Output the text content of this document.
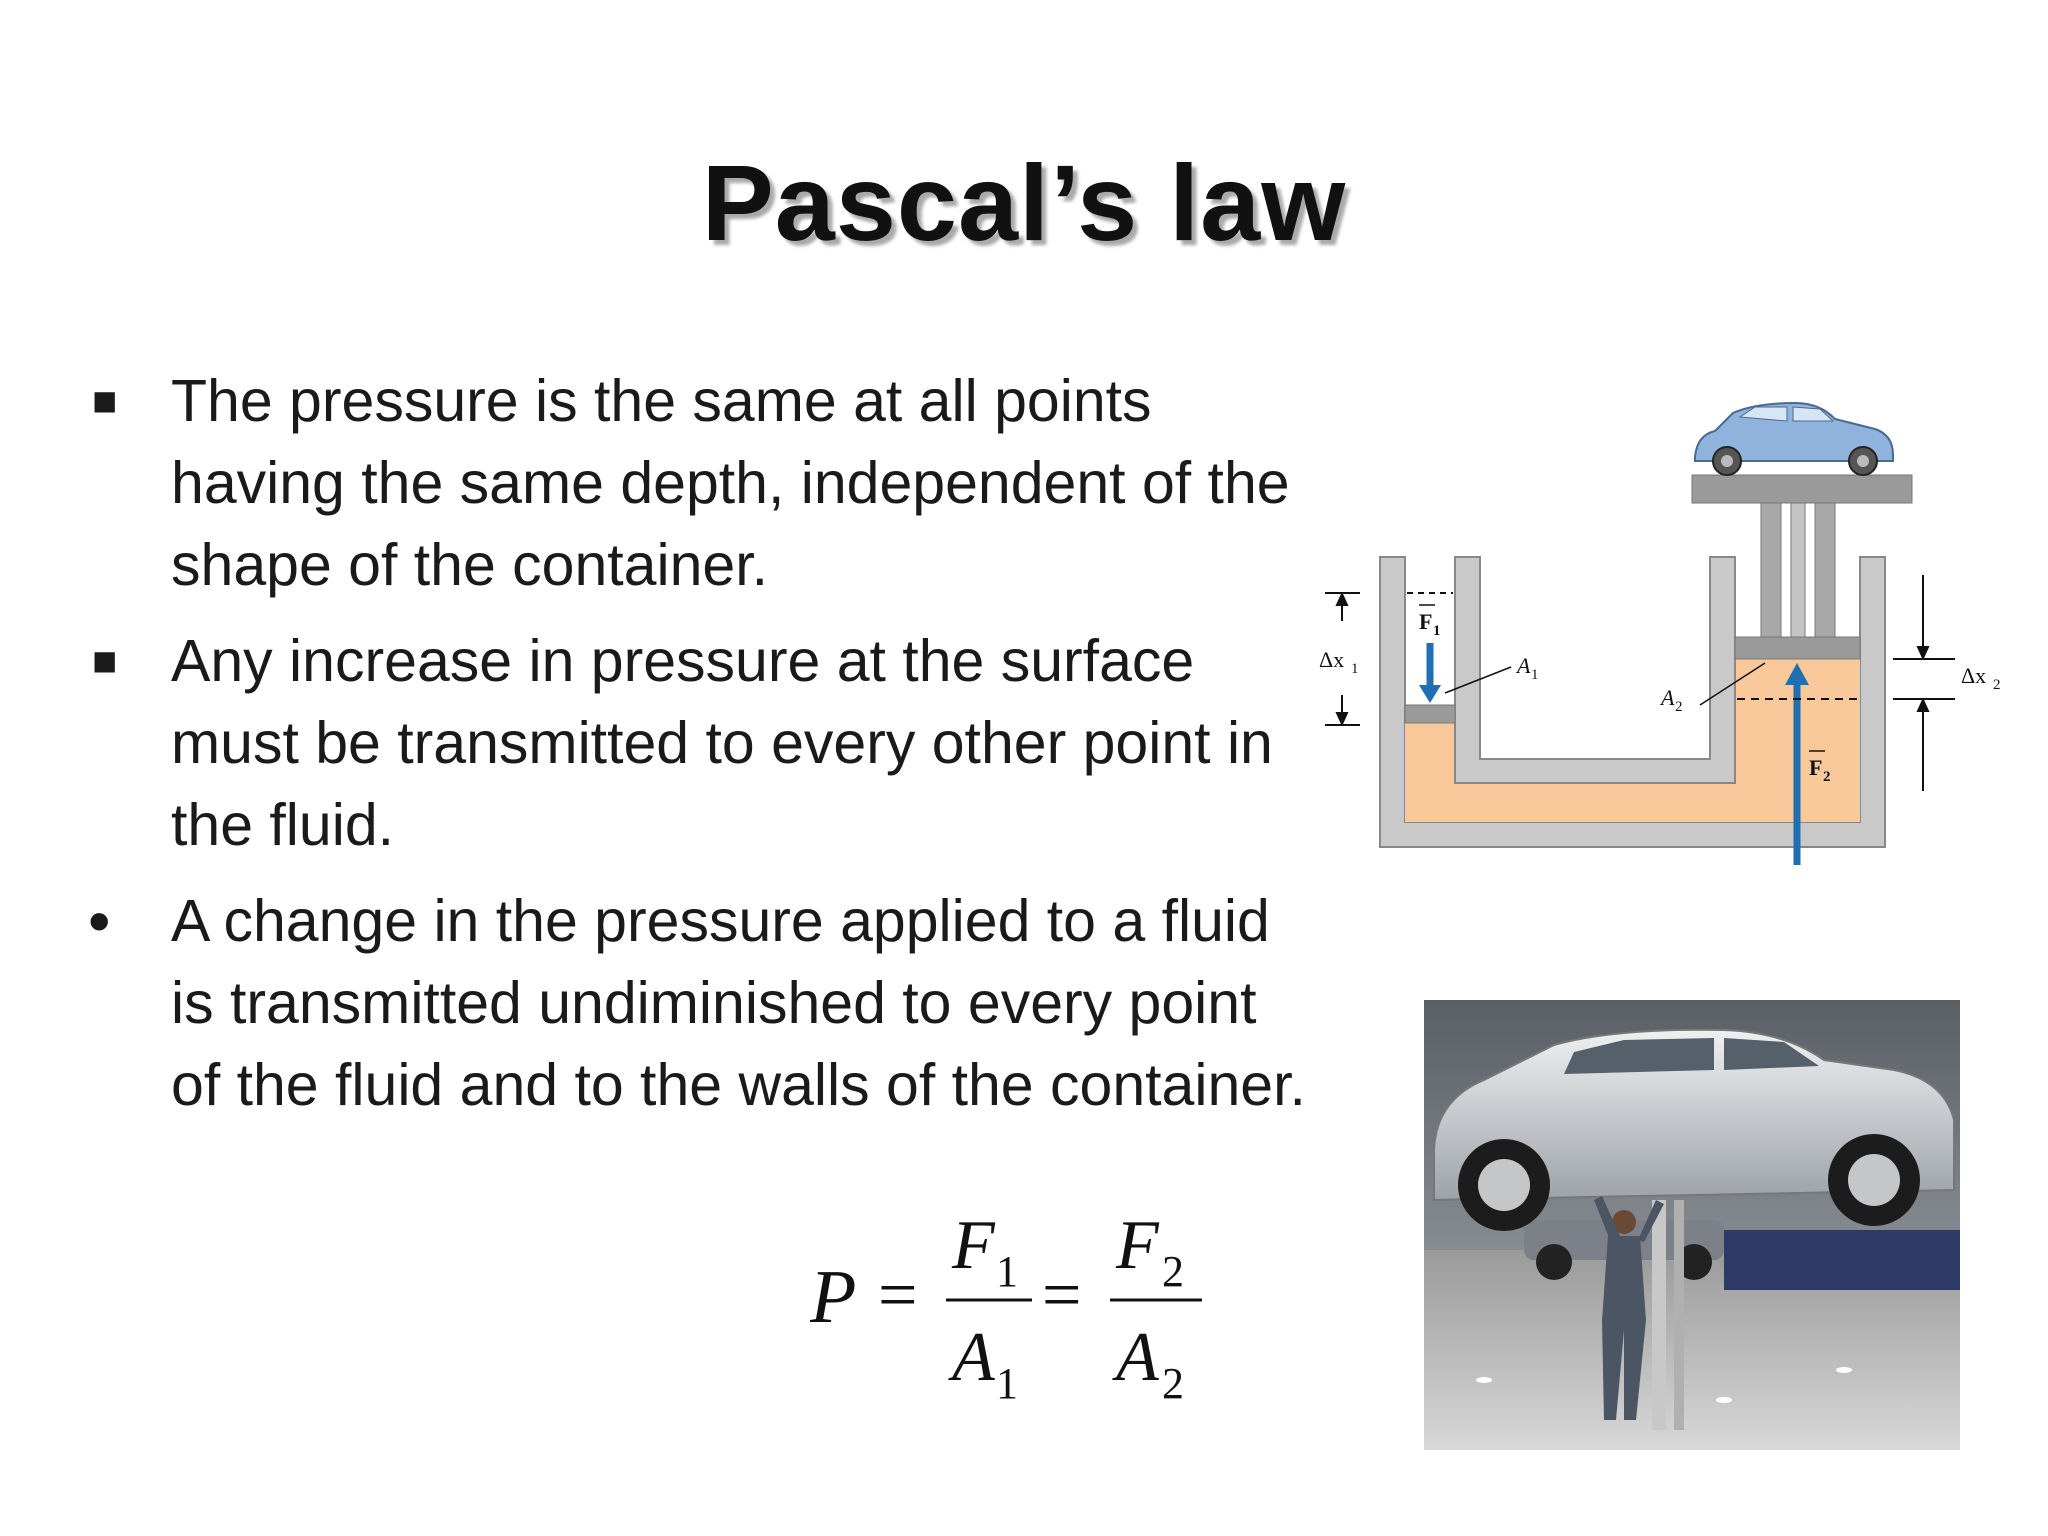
Pascal’s law
■ The pressure is the same at all points having the same depth, independent of the shape of the container.
■ Any increase in pressure at the surface must be transmitted to every other point in the fluid.
• A change in the pressure applied to a fluid is transmitted undiminished to every point of the fluid and to the walls of the container.
P =
F 1
A 1
=
F 2
A 2
Δx 1
F 1
A 1
A 2
F 2
Δx 2
